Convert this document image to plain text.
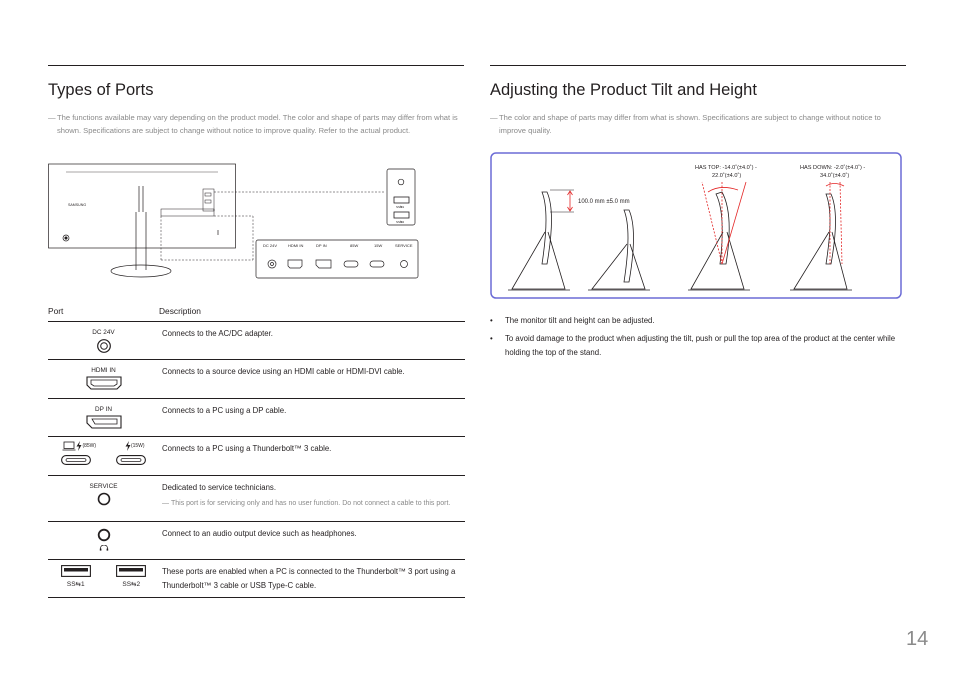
Types of Ports
― The functions available may vary depending on the product model. The color and shape of parts may differ from what is shown. Specifications are subject to change without notice to improve quality. Refer to the actual product.
SAMSUNG	SS⇆1
SS⇆2
DC 24V	HDMI IN	DP IN	85W	15W	SERVICE
Port	Description

DC 24V	Connects to the AC/DC adapter.

HDMI IN	Connects to a source device using an HDMI cable or HDMI-DVI cable.

DP IN	Connects to a PC using a DP cable.

(85W) (15W)	Connects to a PC using a Thunderbolt™ 3 cable.

SERVICE	Dedicated to service technicians.
― This port is for servicing only and has no user function. Do not connect a cable to this port.

	Connect to an audio output device such as headphones.

SS⇆1 SS⇆2	These ports are enabled when a PC is connected to the Thunderbolt™ 3 port using a Thunderbolt™ 3 cable or USB Type-C cable.
Adjusting the Product Tilt and Height
― The color and shape of parts may differ from what is shown. Specifications are subject to change without notice to improve quality.
100.0 mm ±5.0 mm
HAS TOP: -14.0˚(±4.0˚) -
22.0˚(±4.0˚)
HAS DOWN: -2.0˚(±4.0˚) -
34.0˚(±4.0˚)
• The monitor tilt and height can be adjusted.
• To avoid damage to the product when adjusting the tilt, push or pull the top area of the product at the center while holding the top of the stand.
14
